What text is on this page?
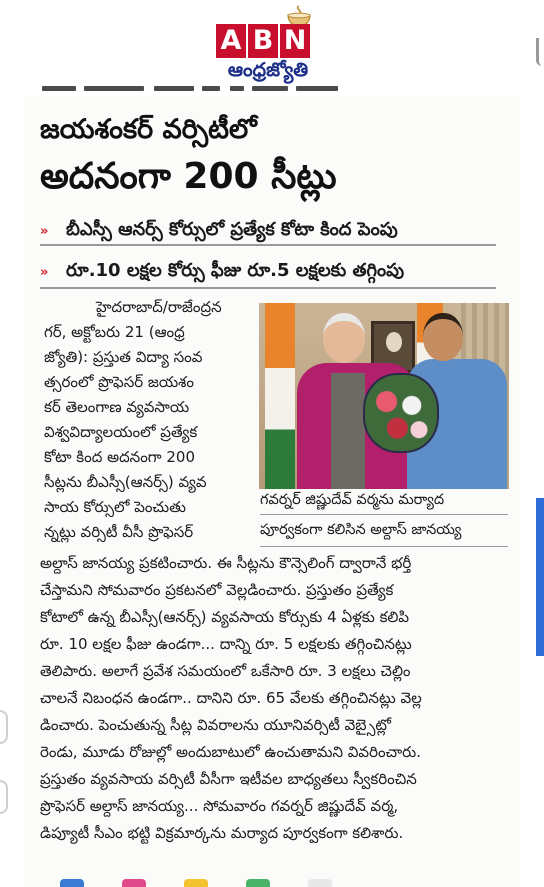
A B N
ఆంధ్రజ్యోతి
జయశంకర్ వర్సిటీలో
అదనంగా 200 సీట్లు
»	బీఎస్సీ ఆనర్స్ కోర్సులో ప్రత్యేక కోటా కింద పెంపు
»	రూ.10 లక్షల కోర్సు ఫీజు రూ.5 లక్షలకు తగ్గింపు
గవర్నర్ జిష్ణుదేవ్ వర్మను మర్యాద
పూర్వకంగా కలిసిన అల్దాస్ జానయ్య
హైదరాబాద్/రాజేంద్రన
గర్, అక్టోబరు 21 (ఆంధ్ర
జ్యోతి): ప్రస్తుత విద్యా సంవ
త్సరంలో ప్రొఫెసర్ జయశం
కర్ తెలంగాణ వ్యవసాయ
విశ్వవిద్యాలయంలో ప్రత్యేక
కోటా కింద అదనంగా 200
సీట్లను బీఎస్సీ(ఆనర్స్) వ్యవ
సాయ కోర్సులో పెంచుతు
న్నట్లు వర్సిటీ వీసీ ప్రొఫెసర్
అల్దాస్ జానయ్య ప్రకటించారు. ఈ సీట్లను కౌన్సెలింగ్ ద్వారానే భర్తీ
చేస్తామని సోమవారం ప్రకటనలో వెల్లడించారు. ప్రస్తుతం ప్రత్యేక
కోటాలో ఉన్న బీఎస్సీ(ఆనర్స్) వ్యవసాయ కోర్సుకు 4 ఏళ్లకు కలిపి
రూ. 10 లక్షల ఫీజు ఉండగా... దాన్ని రూ. 5 లక్షలకు తగ్గించినట్లు
తెలిపారు. అలాగే ప్రవేశ సమయంలో ఒకేసారి రూ. 3 లక్షలు చెల్లిం
చాలనే నిబంధన ఉండగా.. దానిని రూ. 65 వేలకు తగ్గించినట్లు వెల్ల
డించారు. పెంచుతున్న సీట్ల వివరాలను యూనివర్సిటీ వెబ్సైట్లో
రెండు, మూడు రోజుల్లో అందుబాటులో ఉంచుతామని వివరించారు.
ప్రస్తుతం వ్యవసాయ వర్సిటీ వీసీగా ఇటీవల బాధ్యతలు స్వీకరించిన
ప్రొఫెసర్ అల్దాస్ జానయ్య... సోమవారం గవర్నర్ జిష్ణుదేవ్ వర్మ,
డిప్యూటీ సీఎం భట్టి విక్రమార్కను మర్యాద పూర్వకంగా కలిశారు.
